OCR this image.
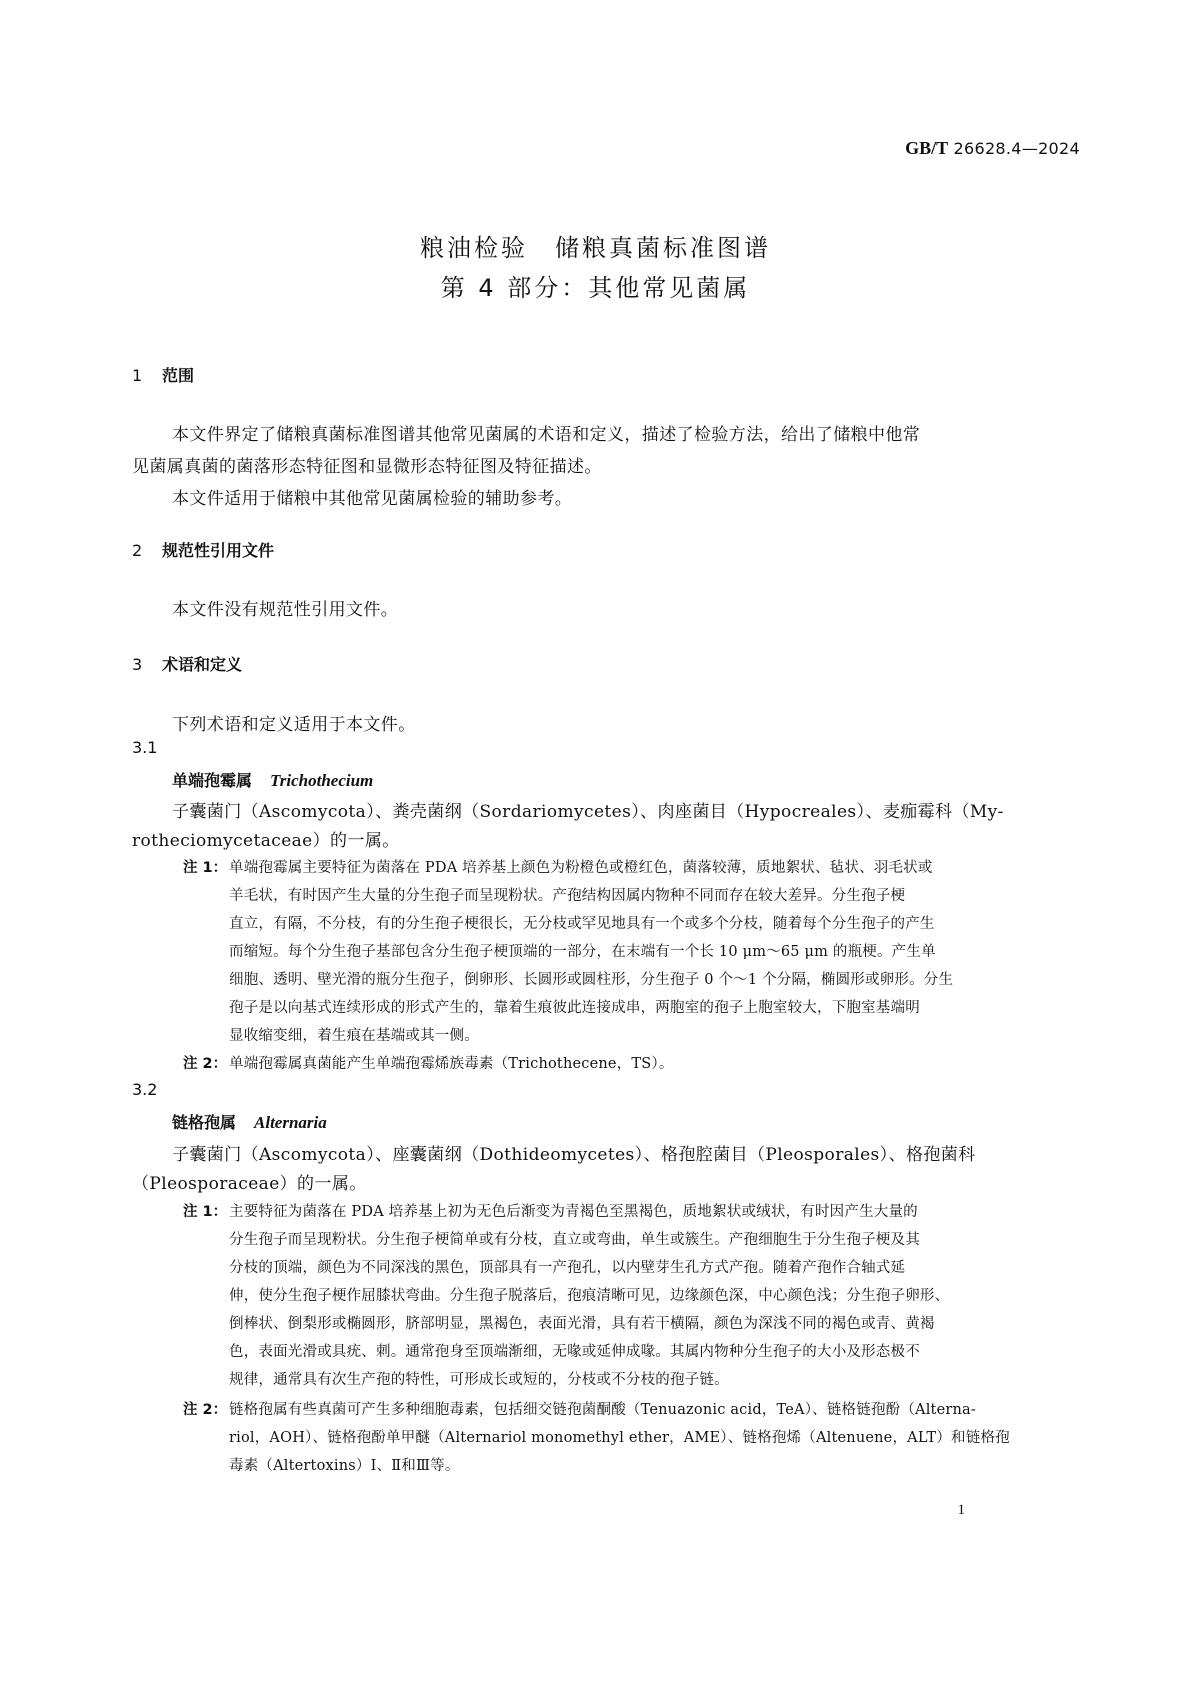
GB/T 26628.4—2024
粮油检验　储粮真菌标准图谱
第 4 部分：其他常见菌属
1 范围
本文件界定了储粮真菌标准图谱其他常见菌属的术语和定义，描述了检验方法，给出了储粮中他常
见菌属真菌的菌落形态特征图和显微形态特征图及特征描述。
本文件适用于储粮中其他常见菌属检验的辅助参考。
2 规范性引用文件
本文件没有规范性引用文件。
3 术语和定义
下列术语和定义适用于本文件。
3.1
单端孢霉属 Trichothecium
子囊菌门（Ascomycota）、粪壳菌纲（Sordariomycetes）、肉座菌目（Hypocreales）、麦痂霉科（My-
rotheciomycetaceae）的一属。
注 1： 单端孢霉属主要特征为菌落在 PDA 培养基上颜色为粉橙色或橙红色，菌落较薄，质地絮状、毡状、羽毛状或
羊毛状，有时因产生大量的分生孢子而呈现粉状。产孢结构因属内物种不同而存在较大差异。分生孢子梗
直立，有隔，不分枝，有的分生孢子梗很长，无分枝或罕见地具有一个或多个分枝，随着每个分生孢子的产生
而缩短。每个分生孢子基部包含分生孢子梗顶端的一部分，在末端有一个长 10 μm～65 μm 的瓶梗。产生单
细胞、透明、壁光滑的瓶分生孢子，倒卵形、长圆形或圆柱形，分生孢子 0 个～1 个分隔，椭圆形或卵形。分生
孢子是以向基式连续形成的形式产生的，靠着生痕彼此连接成串，两胞室的孢子上胞室较大，下胞室基端明
显收缩变细，着生痕在基端或其一侧。
注 2： 单端孢霉属真菌能产生单端孢霉烯族毒素（Trichothecene，TS）。
3.2
链格孢属 Alternaria
子囊菌门（Ascomycota）、座囊菌纲（Dothideomycetes）、格孢腔菌目（Pleosporales）、格孢菌科
（Pleosporaceae）的一属。
注 1： 主要特征为菌落在 PDA 培养基上初为无色后渐变为青褐色至黑褐色，质地絮状或绒状，有时因产生大量的
分生孢子而呈现粉状。分生孢子梗简单或有分枝，直立或弯曲，单生或簇生。产孢细胞生于分生孢子梗及其
分枝的顶端，颜色为不同深浅的黑色，顶部具有一产孢孔，以内壁芽生孔方式产孢。随着产孢作合轴式延
伸，使分生孢子梗作屈膝状弯曲。分生孢子脱落后，孢痕清晰可见，边缘颜色深，中心颜色浅；分生孢子卵形、
倒棒状、倒梨形或椭圆形，脐部明显，黑褐色，表面光滑，具有若干横隔，颜色为深浅不同的褐色或青、黄褐
色，表面光滑或具疣、刺。通常孢身至顶端渐细，无喙或延伸成喙。其属内物种分生孢子的大小及形态极不
规律，通常具有次生产孢的特性，可形成长或短的，分枝或不分枝的孢子链。
注 2： 链格孢属有些真菌可产生多种细胞毒素，包括细交链孢菌酮酸（Tenuazonic acid，TeA）、链格链孢酚（Alterna-
riol，AOH）、链格孢酚单甲醚（Alternariol monomethyl ether，AME）、链格孢烯（Altenuene，ALT）和链格孢
毒素（Altertoxins）Ⅰ、Ⅱ和Ⅲ等。
1
